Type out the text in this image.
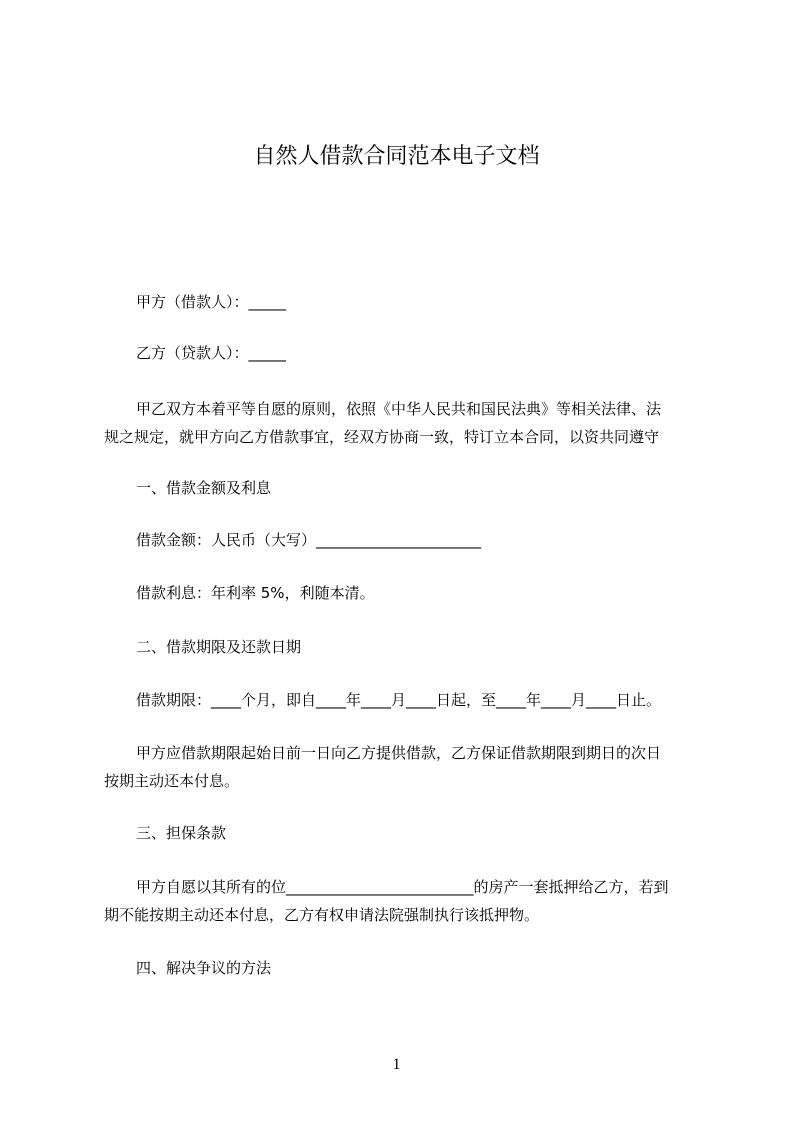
自然人借款合同范本电子文档
甲方（借款人）：_____
乙方（贷款人）：_____
甲乙双方本着平等自愿的原则，依照《中华人民共和国民法典》等相关法律、法
规之规定，就甲方向乙方借款事宜，经双方协商一致，特订立本合同，以资共同遵守
一、借款金额及利息
借款金额：人民币（大写）______________________
借款利息：年利率 5%，利随本清。
二、借款期限及还款日期
借款期限：____个月，即自____年____月____日起，至____年____月____日止。
甲方应借款期限起始日前一日向乙方提供借款，乙方保证借款期限到期日的次日
按期主动还本付息。
三、担保条款
甲方自愿以其所有的位_________________________的房产一套抵押给乙方，若到
期不能按期主动还本付息，乙方有权申请法院强制执行该抵押物。
四、解决争议的方法
1
